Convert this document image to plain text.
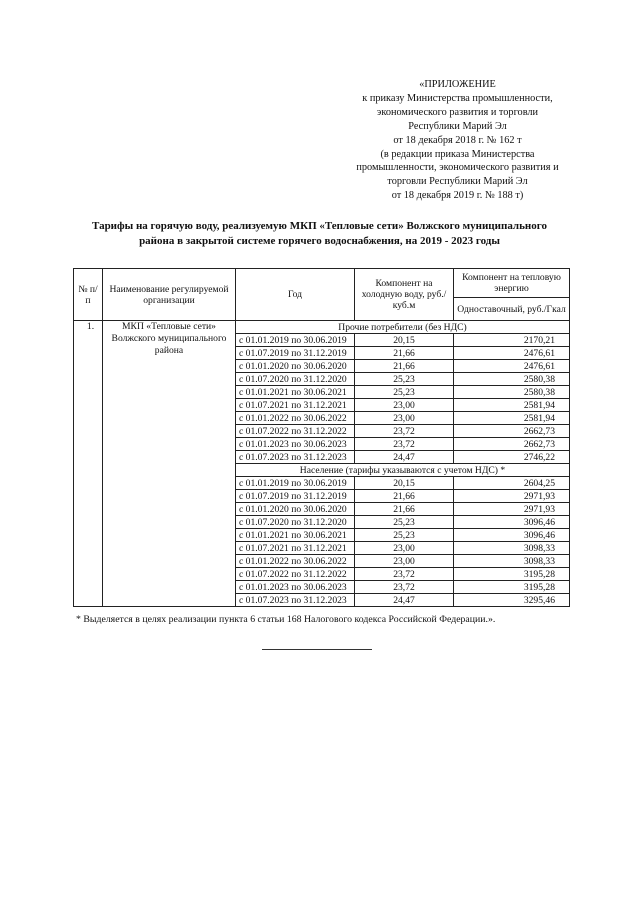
«ПРИЛОЖЕНИЕ
к приказу Министерства промышленности,
экономического развития и торговли
Республики Марий Эл
от 18 декабря 2018 г. № 162 т
(в редакции приказа Министерства
промышленности, экономического развития и
торговли Республики Марий Эл
от 18 декабря 2019 г. № 188 т)
Тарифы на горячую воду, реализуемую МКП «Тепловые сети» Волжского муниципального
района в закрытой системе горячего водоснабжения, на 2019 - 2023 годы
№ п/п	Наименование регулируемой организации	Год	Компонент на холодную воду, руб./куб.м	Компонент на тепловую энергию
				Одноставочный, руб./Гкал
1.	МКП «Тепловые сети» Волжского муниципального района	Прочие потребители (без НДС)		
		с 01.01.2019 по 30.06.2019	20,15	2170,21
		с 01.07.2019 по 31.12.2019	21,66	2476,61
		с 01.01.2020 по 30.06.2020	21,66	2476,61
		с 01.07.2020 по 31.12.2020	25,23	2580,38
		с 01.01.2021 по 30.06.2021	25,23	2580,38
		с 01.07.2021 по 31.12.2021	23,00	2581,94
		с 01.01.2022 по 30.06.2022	23,00	2581,94
		с 01.07.2022 по 31.12.2022	23,72	2662,73
		с 01.01.2023 по 30.06.2023	23,72	2662,73
		с 01.07.2023 по 31.12.2023	24,47	2746,22
		Население (тарифы указываются с учетом НДС) *		
		с 01.01.2019 по 30.06.2019	20,15	2604,25
		с 01.07.2019 по 31.12.2019	21,66	2971,93
		с 01.01.2020 по 30.06.2020	21,66	2971,93
		с 01.07.2020 по 31.12.2020	25,23	3096,46
		с 01.01.2021 по 30.06.2021	25,23	3096,46
		с 01.07.2021 по 31.12.2021	23,00	3098,33
		с 01.01.2022 по 30.06.2022	23,00	3098,33
		с 01.07.2022 по 31.12.2022	23,72	3195,28
		с 01.01.2023 по 30.06.2023	23,72	3195,28
		с 01.07.2023 по 31.12.2023	24,47	3295,46
* Выделяется в целях реализации пункта 6 статьи 168 Налогового кодекса Российской Федерации.».
